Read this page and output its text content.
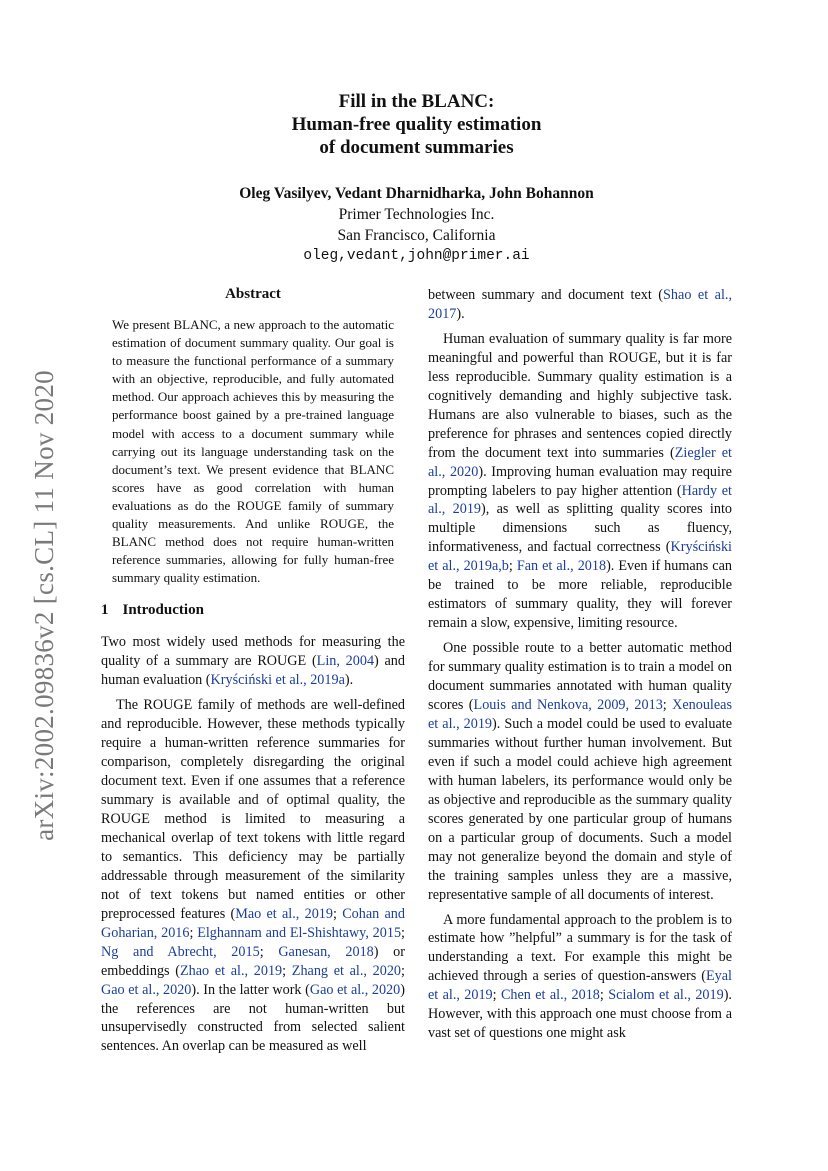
arXiv:2002.09836v2 [cs.CL] 11 Nov 2020
Fill in the BLANC:
Human-free quality estimation
of document summaries
Oleg Vasilyev, Vedant Dharnidharka, John Bohannon
Primer Technologies Inc.
San Francisco, California
oleg,vedant,john@primer.ai
Abstract
We present BLANC, a new approach to the automatic estimation of document summary quality. Our goal is to measure the functional performance of a summary with an objective, reproducible, and fully automated method. Our approach achieves this by measuring the performance boost gained by a pre-trained language model with access to a document summary while carrying out its language understanding task on the document’s text. We present evidence that BLANC scores have as good correlation with human evaluations as do the ROUGE family of summary quality measurements. And unlike ROUGE, the BLANC method does not require human-written reference summaries, allowing for fully human-free summary quality estimation.
1 Introduction

Two most widely used methods for measuring the quality of a summary are ROUGE (Lin, 2004) and human evaluation (Kryściński et al., 2019a).

The ROUGE family of methods are well-defined and reproducible. However, these methods typically require a human-written reference summaries for comparison, completely disregarding the original document text. Even if one assumes that a reference summary is available and of optimal quality, the ROUGE method is limited to measuring a mechanical overlap of text tokens with little regard to semantics. This deficiency may be partially addressable through measurement of the similarity not of text tokens but named entities or other preprocessed features (Mao et al., 2019; Cohan and Goharian, 2016; Elghannam and El-Shishtawy, 2015; Ng and Abrecht, 2015; Ganesan, 2018) or embeddings (Zhao et al., 2019; Zhang et al., 2020; Gao et al., 2020). In the latter work (Gao et al., 2020) the references are not human-written but unsupervisedly constructed from selected salient sentences. An overlap can be measured as well

between summary and document text (Shao et al., 2017).

Human evaluation of summary quality is far more meaningful and powerful than ROUGE, but it is far less reproducible. Summary quality estimation is a cognitively demanding and highly subjective task. Humans are also vulnerable to biases, such as the preference for phrases and sentences copied directly from the document text into summaries (Ziegler et al., 2020). Improving human evaluation may require prompting labelers to pay higher attention (Hardy et al., 2019), as well as splitting quality scores into multiple dimensions such as fluency, informativeness, and factual correctness (Kryściński et al., 2019a,b; Fan et al., 2018). Even if humans can be trained to be more reliable, reproducible estimators of summary quality, they will forever remain a slow, expensive, limiting resource.

One possible route to a better automatic method for summary quality estimation is to train a model on document summaries annotated with human quality scores (Louis and Nenkova, 2009, 2013; Xenouleas et al., 2019). Such a model could be used to evaluate summaries without further human involvement. But even if such a model could achieve high agreement with human labelers, its performance would only be as objective and reproducible as the summary quality scores generated by one particular group of humans on a particular group of documents. Such a model may not generalize beyond the domain and style of the training samples unless they are a massive, representative sample of all documents of interest.

A more fundamental approach to the problem is to estimate how ”helpful” a summary is for the task of understanding a text. For example this might be achieved through a series of question-answers (Eyal et al., 2019; Chen et al., 2018; Scialom et al., 2019). However, with this approach one must choose from a vast set of questions one might ask
